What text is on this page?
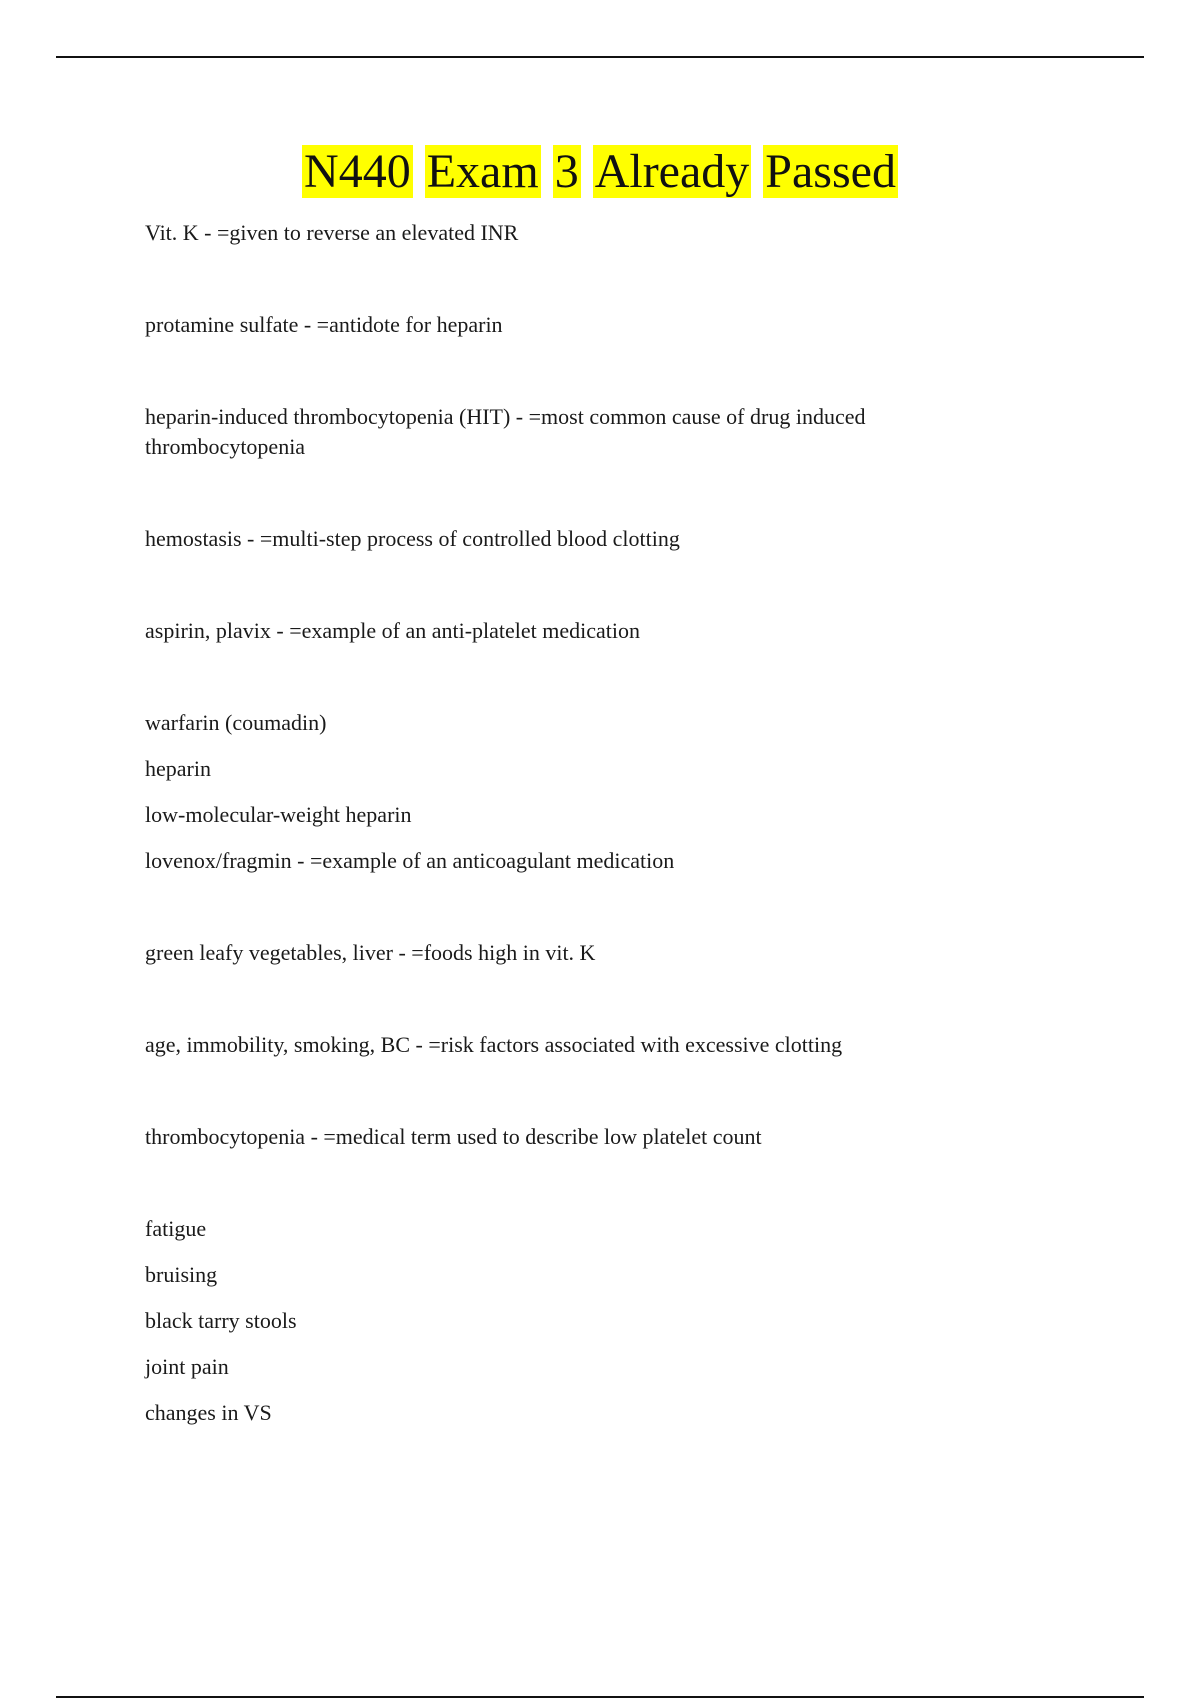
N440 Exam 3 Already Passed
Vit. K - =given to reverse an elevated INR
protamine sulfate - =antidote for heparin
heparin-induced thrombocytopenia (HIT) - =most common cause of drug induced thrombocytopenia
hemostasis - =multi-step process of controlled blood clotting
aspirin, plavix - =example of an anti-platelet medication
warfarin (coumadin)
heparin
low-molecular-weight heparin
lovenox/fragmin - =example of an anticoagulant medication
green leafy vegetables, liver - =foods high in vit. K
age, immobility, smoking, BC - =risk factors associated with excessive clotting
thrombocytopenia - =medical term used to describe low platelet count
fatigue
bruising
black tarry stools
joint pain
changes in VS
